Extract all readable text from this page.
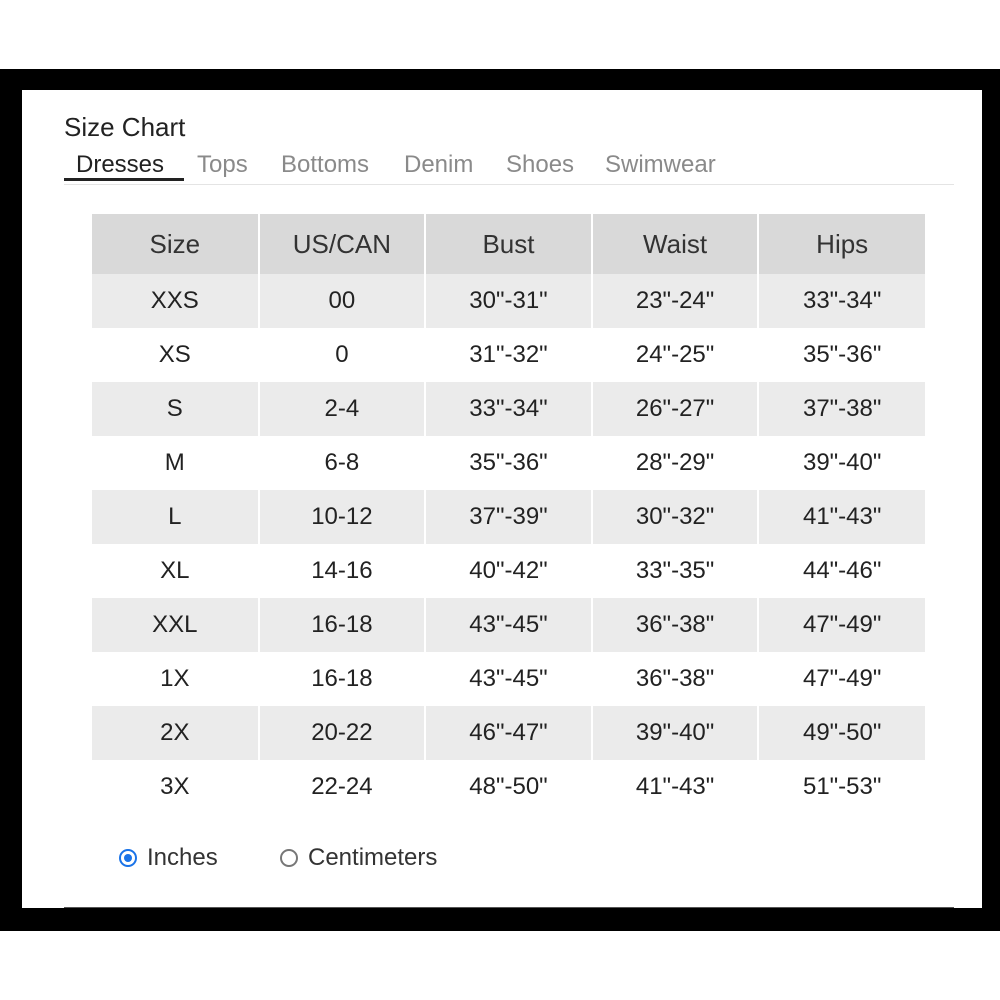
Size Chart
Dresses	Tops Bottoms Denim Shoes Swimwear
Size	US/CAN	Bust	Waist	Hips
XXS	00	30"-31"	23"-24"	33"-34"
XS	0	31"-32"	24"-25"	35"-36"
S	2-4	33"-34"	26"-27"	37"-38"
M	6-8	35"-36"	28"-29"	39"-40"
L	10-12	37"-39"	30"-32"	41"-43"
XL	14-16	40"-42"	33"-35"	44"-46"
XXL	16-18	43"-45"	36"-38"	47"-49"
1X	16-18	43"-45"	36"-38"	47"-49"
2X	20-22	46"-47"	39"-40"	49"-50"
3X	22-24	48"-50"	41"-43"	51"-53"
Inches	Centimeters
